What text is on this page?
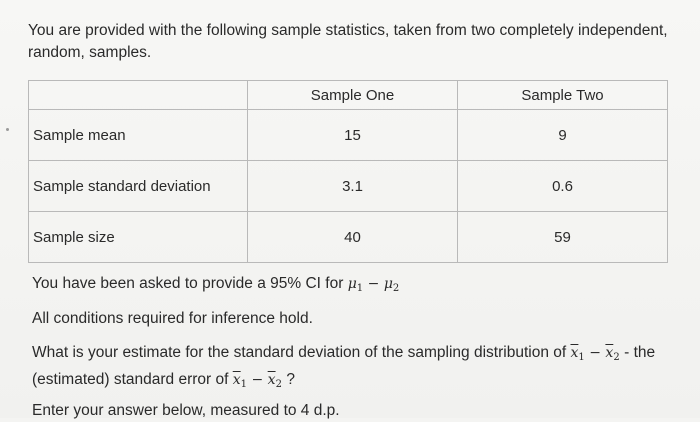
You are provided with the following sample statistics, taken from two completely independent, random, samples.
	Sample One	Sample Two
Sample mean	15	9
Sample standard deviation	3.1	0.6
Sample size	40	59
You have been asked to provide a 95% CI for $\mu_1 - \mu_2$
All conditions required for inference hold.
What is your estimate for the standard deviation of the sampling distribution of $\overline{x}_1 - \overline{x}_2$ - the
(estimated) standard error of $\overline{x}_1 - \overline{x}_2$ ?
Enter your answer below, measured to 4 d.p.
